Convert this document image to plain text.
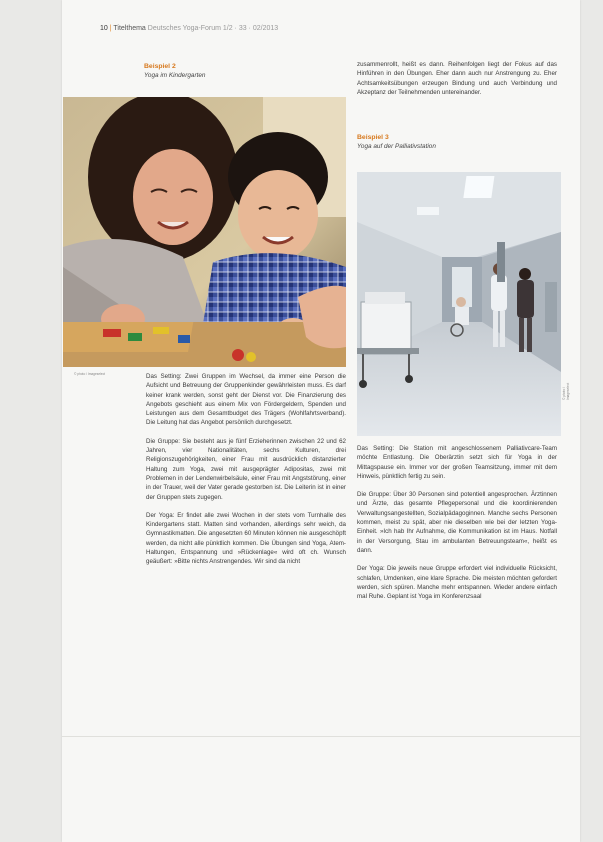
10 | Titelthema Deutsches Yoga-Forum 1/2 · 33 · 02/2013
Beispiel 2
Yoga im Kindergarten
© photo / Imageselect	Das Setting: Zwei Gruppen im Wechsel, da immer eine Person die Aufsicht und Betreuung der Gruppenkinder gewährleisten muss. Es darf keiner krank werden, sonst geht der Dienst vor. Die Finanzierung des Angebots geschieht aus einem Mix von Fördergeldern, Spenden und Leistungen aus dem Gesamtbudget des Trägers (Wohlfahrtsverband). Die Leitung hat das Angebot persönlich durchgesetzt.

Die Gruppe: Sie besteht aus je fünf Erzieherinnen zwischen 22 und 62 Jahren, vier Nationalitäten, sechs Kulturen, drei Religionszugehörigkeiten, einer Frau mit ausdrücklich distanzierter Haltung zum Yoga, zwei mit ausgeprägter Adipositas, zwei mit Problemen in der Lendenwirbelsäule, einer Frau mit Angststörung, einer in der Trauer, weil der Vater gerade gestorben ist. Die Leiterin ist in einer der Gruppen stets zugegen.

Der Yoga: Er findet alle zwei Wochen in der stets vom Turnhalle des Kindergartens statt. Matten sind vorhanden, allerdings sehr weich, da Gymnastikmatten. Die angesetzten 60 Minuten können nie ausgeschöpft werden, da nicht alle pünktlich kommen. Die Übungen sind Yoga, Atem-Haltungen, Entspannung und »Rückenlage« wird oft ch. Wunsch geäußert: »Bitte nichts Anstrengendes. Wir sind da nicht

zusammenrollt, heißt es dann. Reihenfolgen liegt der Fokus auf das Hinführen in den Übungen. Eher dann auch nur Anstrengung zu. Eher Achtsamkeitsübungen erzeugen Bindung und auch Verbindung und Akzeptanz der Teilnehmenden untereinander.

Beispiel 3
Yoga auf der Palliativstation
© photo / Imageselect

Das Setting: Die Station mit angeschlossenem Palliativcare-Team möchte Entlastung. Die Oberärztin setzt sich für Yoga in der Mittagspause ein. Immer vor der großen Teamsitzung, immer mit dem Hinweis, pünktlich fertig zu sein.

Die Gruppe: Über 30 Personen sind potentiell angesprochen. Ärztinnen und Ärzte, das gesamte Pflegepersonal und die koordinierenden Verwaltungsangestellten, Sozialpädagoginnen. Manche sechs Personen kommen, meist zu spät, aber nie dieselben wie bei der letzten Yoga-Einheit. »Ich hab Ihr Aufnahme, die Kommunikation ist im Haus. Notfall in der Versorgung, Stau im ambulanten Betreuungsteam«, heißt es dann.

Der Yoga: Die jeweils neue Gruppe erfordert viel individuelle Rücksicht, schlafen, Umdenken, eine klare Sprache. Die meisten möchten gefordert werden, sich spüren. Manche mehr entspannen. Wieder andere einfach mal Ruhe. Geplant ist Yoga im Konferenzsaal
